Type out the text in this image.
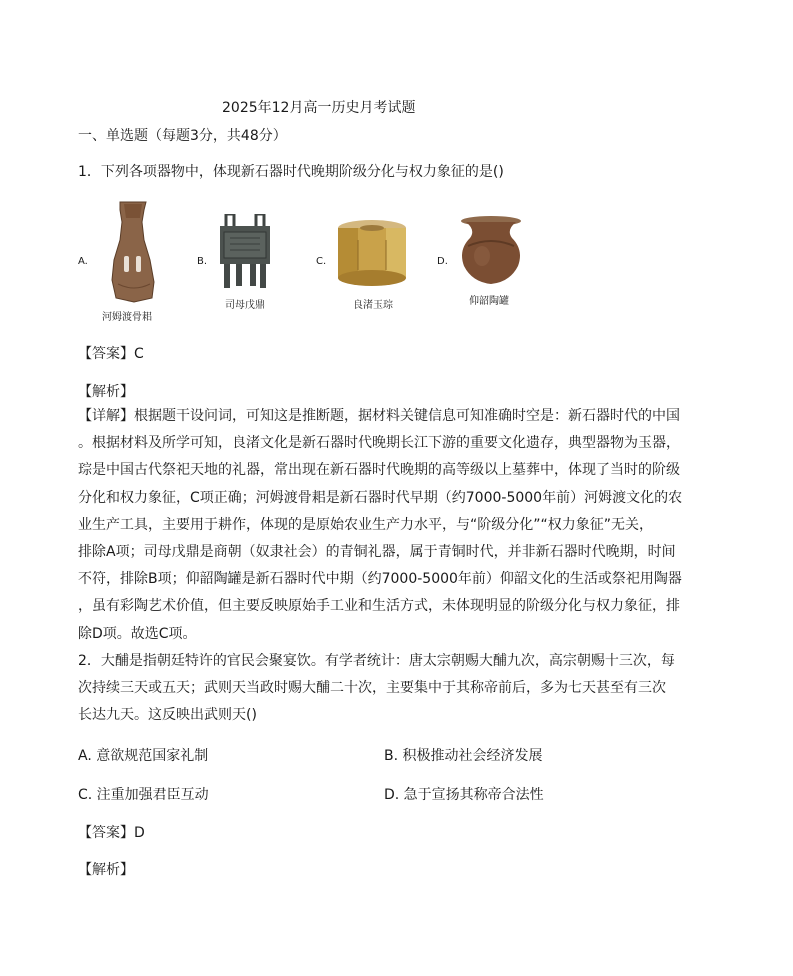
2025年12月高一历史月考试题
一、单选题（每题3分，共48分）
1．下列各项器物中，体现新石器时代晚期阶级分化与权力象征的是()
A.
河姆渡骨耜
B.
司母戊鼎
C.
良渚玉琮
D.
仰韶陶罐
【答案】C
【解析】

【详解】根据题干设问词，可知这是推断题，据材料关键信息可知准确时空是：新石器时代的中国

。根据材料及所学可知，良渚文化是新石器时代晚期长江下游的重要文化遗存，典型器物为玉器，

琮是中国古代祭祀天地的礼器，常出现在新石器时代晚期的高等级以上墓葬中，体现了当时的阶级

分化和权力象征，C项正确；河姆渡骨耜是新石器时代早期（约7000-5000年前）河姆渡文化的农

业生产工具，主要用于耕作，体现的是原始农业生产力水平，与“阶级分化”“权力象征”无关，

排除A项；司母戊鼎是商朝（奴隶社会）的青铜礼器，属于青铜时代，并非新石器时代晚期，时间

不符，排除B项；仰韶陶罐是新石器时代中期（约7000-5000年前）仰韶文化的生活或祭祀用陶器

，虽有彩陶艺术价值，但主要反映原始手工业和生活方式，未体现明显的阶级分化与权力象征，排

除D项。故选C项。

2．大酺是指朝廷特许的官民会聚宴饮。有学者统计：唐太宗朝赐大酺九次，高宗朝赐十三次，每

次持续三天或五天；武则天当政时赐大酺二十次，主要集中于其称帝前后，多为七天甚至有三次

长达九天。这反映出武则天()

A. 意欲规范国家礼制	B. 积极推动社会经济发展
C. 注重加强君臣互动	D. 急于宣扬其称帝合法性
【答案】D
【解析】
